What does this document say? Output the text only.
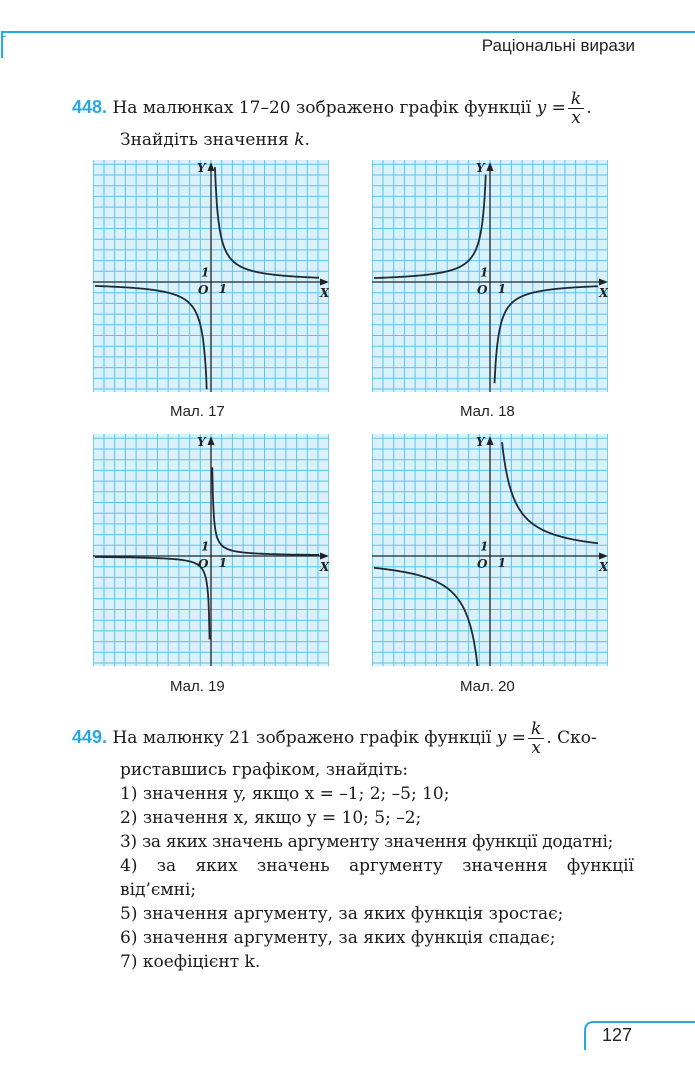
Раціональні вирази
448. На малюнках 17–20 зображено графік функції $y = \frac{k}{x}$ .
Знайдіть значення k.
Y
X
O 1
1
Y
X
O 1
1
Y
X
O 1
1
Y
X
O 1
1
Мал. 17	Мал. 18
Мал. 19	Мал. 20
449. На малюнку 21 зображено графік функції $y = \frac{k}{x}$ . Ско-
риставшись графіком, знайдіть:

1) значення y, якщо x = –1; 2; –5; 10;

2) значення x, якщо y = 10; 5; –2;

3) за яких значень аргументу значення функції додатні;

4) за яких значень аргументу значення функції

від’ємні;

5) значення аргументу, за яких функція зростає;

6) значення аргументу, за яких функція спадає;

7) коефіцієнт k.

127
